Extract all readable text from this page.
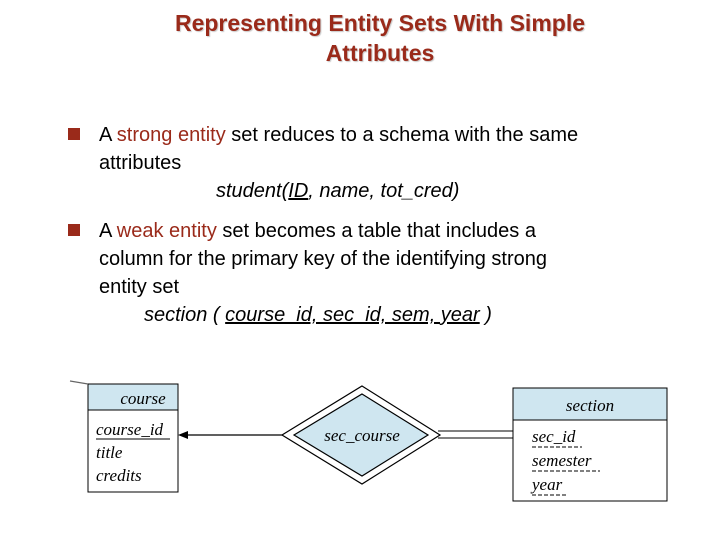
Representing Entity Sets With Simple
Attributes
A strong entity set reduces to a schema with the same
attributes
student(ID, name, tot_cred)
A weak entity set becomes a table that includes a
column for the primary key of the identifying strong
entity set
section ( course_id, sec_id, sem, year )
course
course_id
title
credits
sec_course
section
sec_id
semester
year
